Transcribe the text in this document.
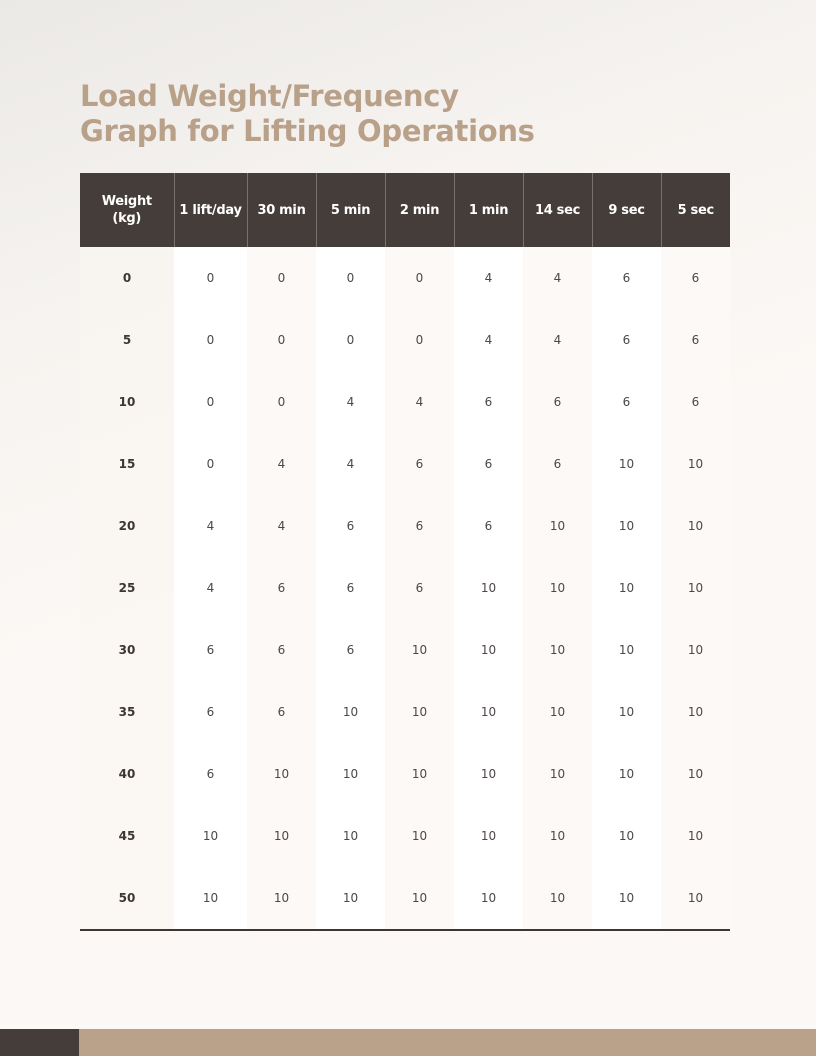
Load Weight/Frequency
Graph for Lifting Operations
Weight
(kg)	1 lift/day	30 min	5 min	2 min	1 min	14 sec	9 sec	5 sec
0	0	0	0	0	4	4	6	6
5	0	0	0	0	4	4	6	6
10	0	0	4	4	6	6	6	6
15	0	4	4	6	6	6	10	10
20	4	4	6	6	6	10	10	10
25	4	6	6	6	10	10	10	10
30	6	6	6	10	10	10	10	10
35	6	6	10	10	10	10	10	10
40	6	10	10	10	10	10	10	10
45	10	10	10	10	10	10	10	10
50	10	10	10	10	10	10	10	10
